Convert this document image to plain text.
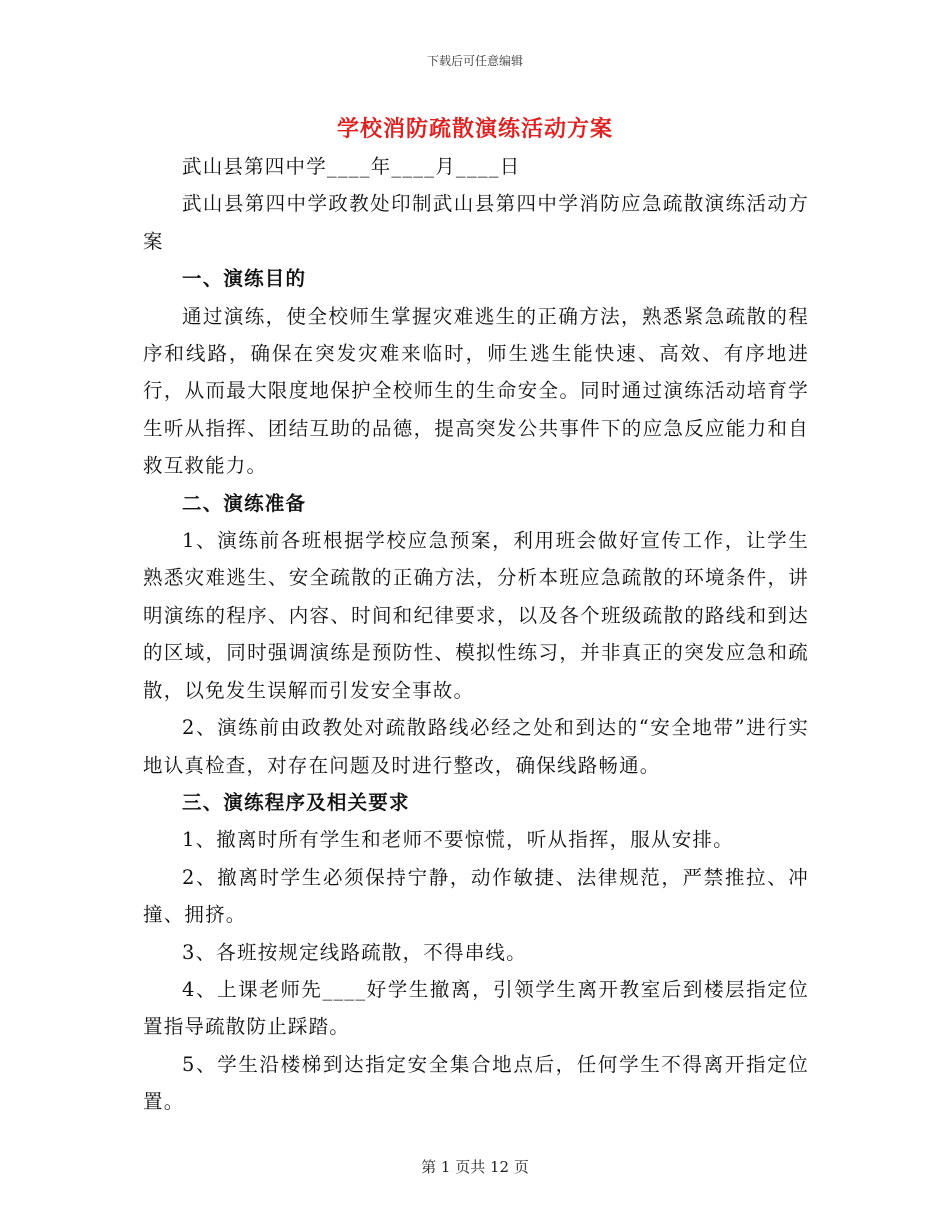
下载后可任意编辑
学校消防疏散演练活动方案

武山县第四中学____年____月____日

武山县第四中学政教处印制武山县第四中学消防应急疏散演练活动方案

一、演练目的

通过演练，使全校师生掌握灾难逃生的正确方法，熟悉紧急疏散的程序和线路，确保在突发灾难来临时，师生逃生能快速、高效、有序地进行，从而最大限度地保护全校师生的生命安全。同时通过演练活动培育学生听从指挥、团结互助的品德，提高突发公共事件下的应急反应能力和自救互救能力。

二、演练准备

1、演练前各班根据学校应急预案，利用班会做好宣传工作，让学生熟悉灾难逃生、安全疏散的正确方法，分析本班应急疏散的环境条件，讲明演练的程序、内容、时间和纪律要求，以及各个班级疏散的路线和到达的区域，同时强调演练是预防性、模拟性练习，并非真正的突发应急和疏散，以免发生误解而引发安全事故。

2、演练前由政教处对疏散路线必经之处和到达的“安全地带”进行实地认真检查，对存在问题及时进行整改，确保线路畅通。

三、演练程序及相关要求

1、撤离时所有学生和老师不要惊慌，听从指挥，服从安排。

2、撤离时学生必须保持宁静，动作敏捷、法律规范，严禁推拉、冲撞、拥挤。

3、各班按规定线路疏散，不得串线。

4、上课老师先____好学生撤离，引领学生离开教室后到楼层指定位置指导疏散防止踩踏。

5、学生沿楼梯到达指定安全集合地点后，任何学生不得离开指定位置。

第 1 页共 12 页
